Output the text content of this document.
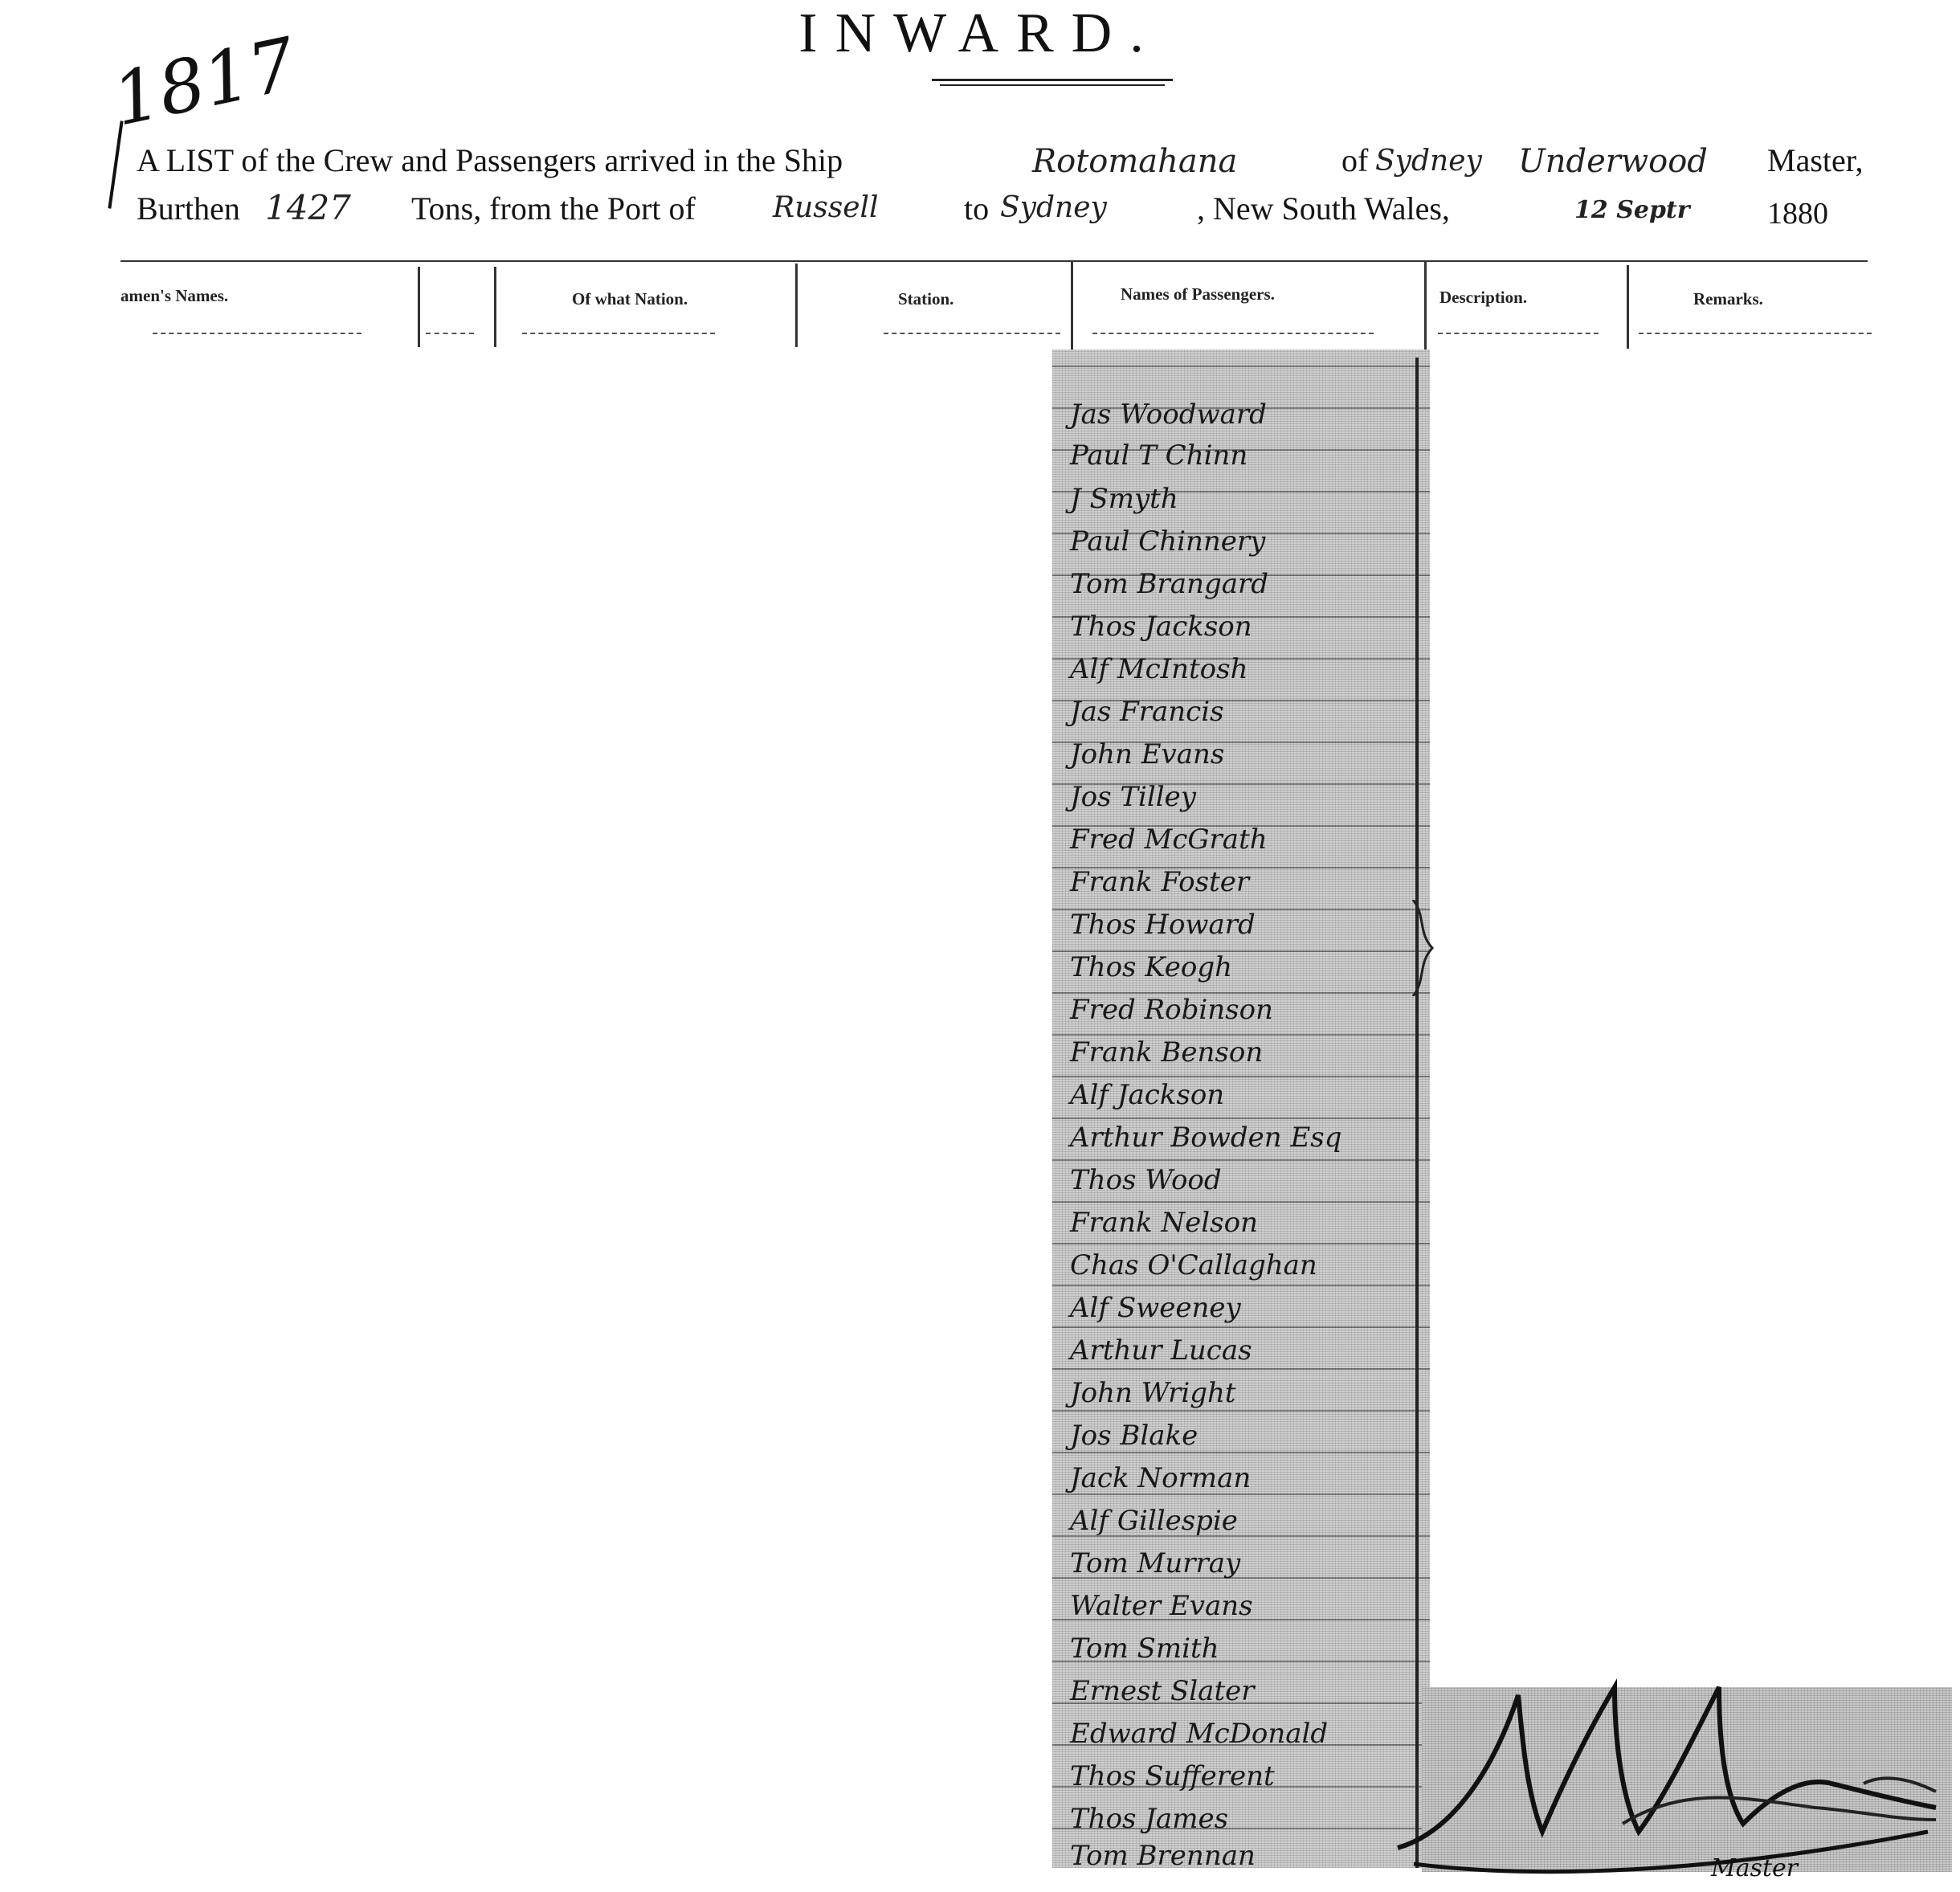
INWARD.
1817
A LIST of the Crew and Passengers arrived in the Ship	Rotomahana	of Sydney Underwood Master,
Burthen 1427 Tons, from the Port of	Russell	to Sydney	, New South Wales,	12 Septr	1880
amen's Names.	Of what Nation.	Station.	Names of Passengers.	Description.	Remarks.
Jas Woodward
Paul T Chinn
J Smyth
Paul Chinnery
Tom Brangard
Thos Jackson
Alf McIntosh
Jas Francis
John Evans
Jos Tilley
Fred McGrath
Frank Foster
Thos Howard
Thos Keogh
Fred Robinson
Frank Benson
Alf Jackson
Arthur Bowden Esq
Thos Wood
Frank Nelson
Chas O'Callaghan
Alf Sweeney
Arthur Lucas
John Wright
Jos Blake
Jack Norman
Alf Gillespie
Tom Murray
Walter Evans
Tom Smith
Ernest Slater
Edward McDonald
Thos Sufferent
Thos James
Tom Brennan	Master
